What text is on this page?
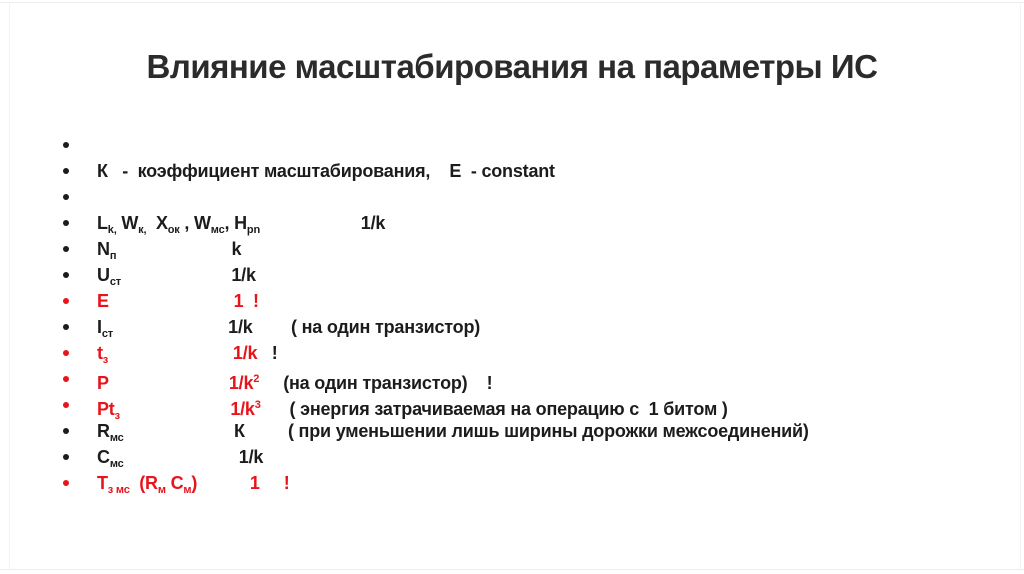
Влияние масштабирования на параметры ИС
К   -  коэффициент масштабирования,    Е  - constant
$L_{k,}$ $W_{к,}$  $X_{ок}$ , $W_{мс}$, $H_{pn}$                     1/k
$N_п$                        k
$U_{ст}$                       1/k
Е                          1  !
$I_{ст}$                        1/k        ( на один транзистор)
$t_з$                          1/k   !
Р                         $1/k^2$     (на один транзистор)    !
$Pt_з$                       $1/k^3$      ( энергия затрачиваемая на операцию с  1 битом )
$R_{мс}$                       К         ( при уменьшении лишь ширины дорожки межсоединений)
$С_{мс}$                        1/k
$Т_{з мс}$  ($R_м$ $С_м$)           1     !
